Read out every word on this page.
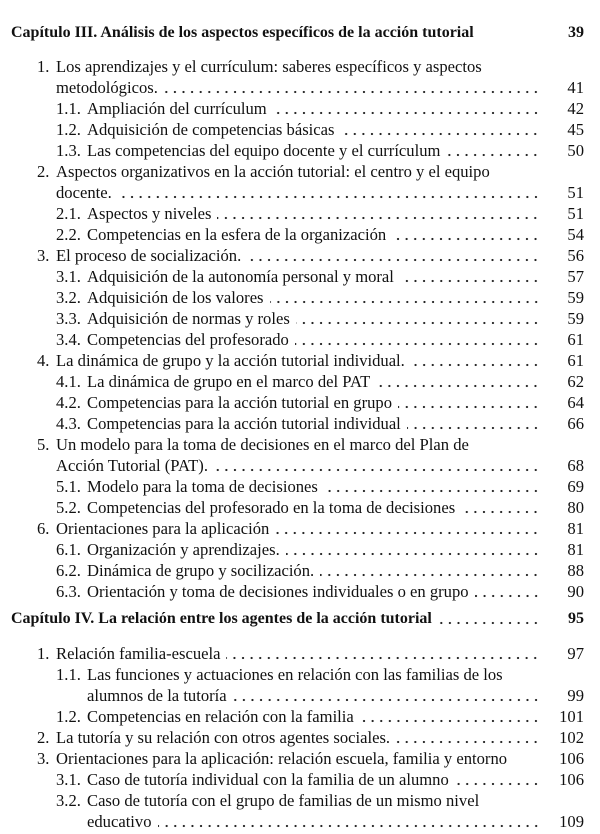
Capítulo III. Análisis de los aspectos específicos de la acción tutorial	39
1. Los aprendizajes y el currículum: saberes específicos y aspectos
metodológicos.	41
1.1. Ampliación del currículum	42
1.2. Adquisición de competencias básicas	45
1.3. Las competencias del equipo docente y el currículum	50
2. Aspectos organizativos en la acción tutorial: el centro y el equipo
docente.	51
2.1. Aspectos y niveles	51
2.2. Competencias en la esfera de la organización	54
3. El proceso de socialización.	56
3.1. Adquisición de la autonomía personal y moral	57
3.2. Adquisición de los valores	59
3.3. Adquisición de normas y roles	59
3.4. Competencias del profesorado	61
4. La dinámica de grupo y la acción tutorial individual.	61
4.1. La dinámica de grupo en el marco del PAT	62
4.2. Competencias para la acción tutorial en grupo	64
4.3. Competencias para la acción tutorial individual	66
5. Un modelo para la toma de decisiones en el marco del Plan de
Acción Tutorial (PAT).	68
5.1. Modelo para la toma de decisiones	69
5.2. Competencias del profesorado en la toma de decisiones	80
6. Orientaciones para la aplicación	81
6.1. Organización y aprendizajes.	81
6.2. Dinámica de grupo y socilización.	88
6.3. Orientación y toma de decisiones individuales o en grupo	90
Capítulo IV. La relación entre los agentes de la acción tutorial	95
1. Relación familia-escuela	97
1.1. Las funciones y actuaciones en relación con las familias de los
alumnos de la tutoría	99
1.2. Competencias en relación con la familia	101
2. La tutoría y su relación con otros agentes sociales.	102
3. Orientaciones para la aplicación: relación escuela, familia y entorno	106
3.1. Caso de tutoría individual con la familia de un alumno	106
3.2. Caso de tutoría con el grupo de familias de un mismo nivel
educativo	109
